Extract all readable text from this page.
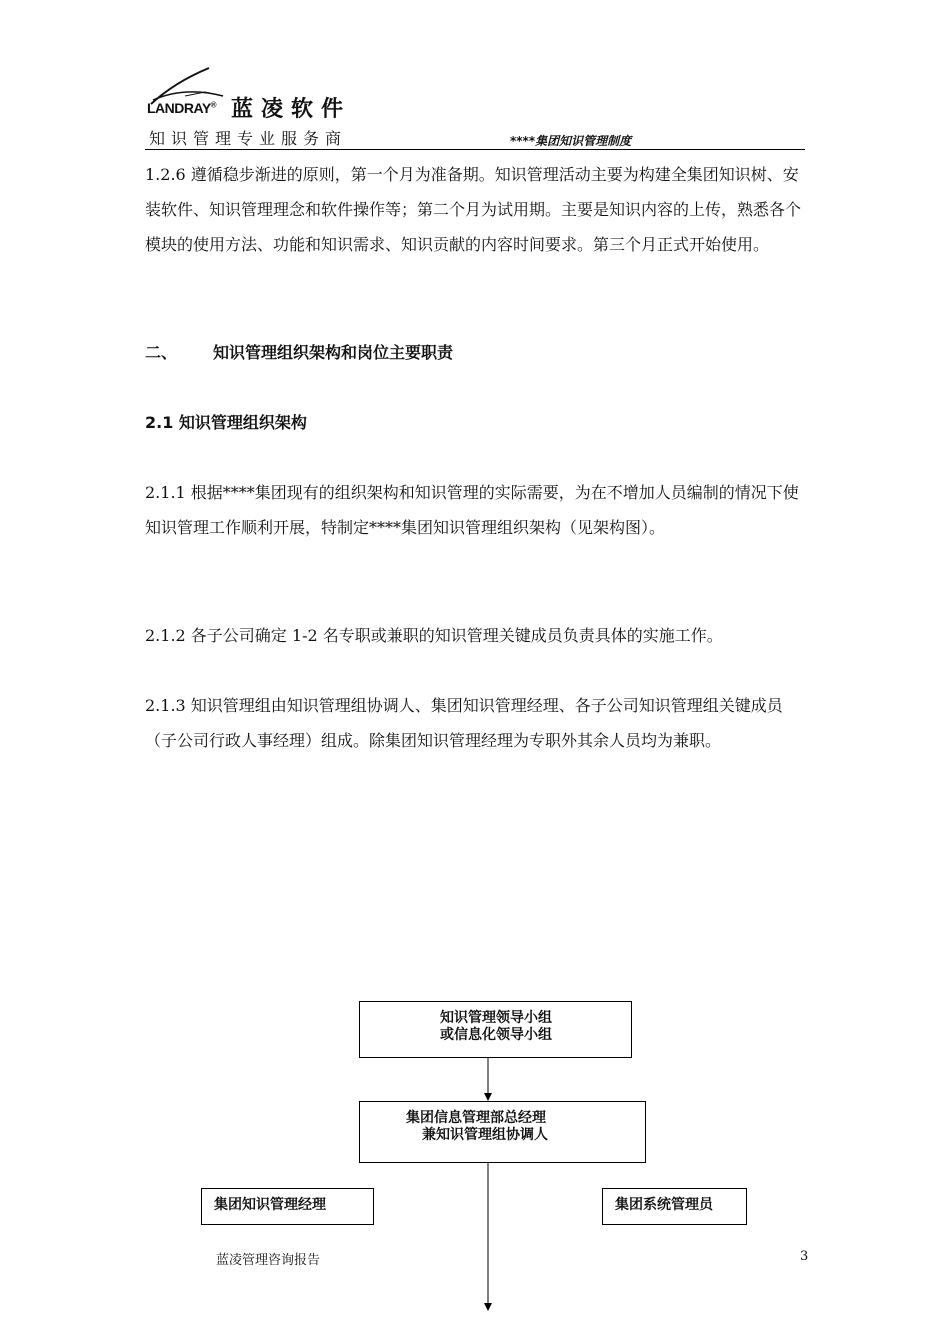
LANDRAY® 蓝凌软件
知识管理专业服务商	****集团知识管理制度

1.2.6 遵循稳步渐进的原则，第一个月为准备期。知识管理活动主要为构建全集团知识树、安装软件、知识管理理念和软件操作等；第二个月为试用期。主要是知识内容的上传，熟悉各个模块的使用方法、功能和知识需求、知识贡献的内容时间要求。第三个月正式开始使用。

二、 知识管理组织架构和岗位主要职责

2.1 知识管理组织架构

2.1.1 根据****集团现有的组织架构和知识管理的实际需要，为在不增加人员编制的情况下使知识管理工作顺利开展，特制定****集团知识管理组织架构（见架构图）。

2.1.2 各子公司确定 1-2 名专职或兼职的知识管理关键成员负责具体的实施工作。

2.1.3 知识管理组由知识管理组协调人、集团知识管理经理、各子公司知识管理组关键成员（子公司行政人事经理）组成。除集团知识管理经理为专职外其余人员均为兼职。

知识管理领导小组
或信息化领导小组
集团信息管理部总经理
兼知识管理组协调人
集团知识管理经理	集团系统管理员
蓝凌管理咨询报告	3
